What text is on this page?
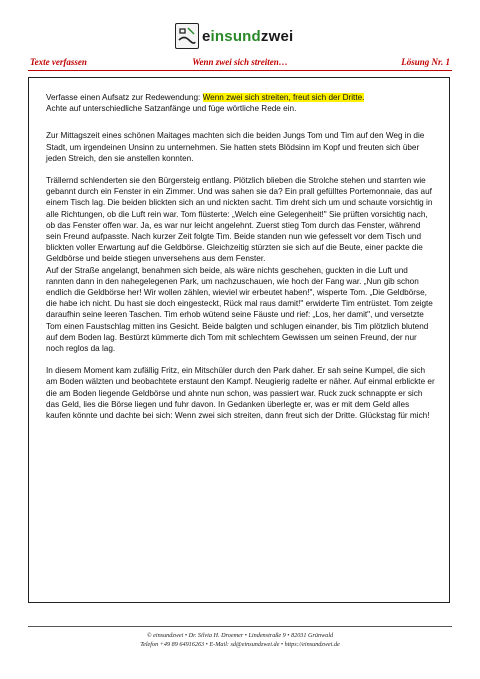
einsundzwei
Texte verfassen	Wenn zwei sich streiten…	Lösung Nr. 1

Verfasse einen Aufsatz zur Redewendung: Wenn zwei sich streiten, freut sich der Dritte.
Achte auf unterschiedliche Satzanfänge und füge wörtliche Rede ein.

Zur Mittagszeit eines schönen Maitages machten sich die beiden Jungs Tom und Tim auf den Weg in die Stadt, um irgendeinen Unsinn zu unternehmen. Sie hatten stets Blödsinn im Kopf und freuten sich über jeden Streich, den sie anstellen konnten.

Trällernd schlenderten sie den Bürgersteig entlang. Plötzlich blieben die Strolche stehen und starrten wie gebannt durch ein Fenster in ein Zimmer. Und was sahen sie da? Ein prall gefülltes Portemonnaie, das auf einem Tisch lag. Die beiden blickten sich an und nickten sacht. Tim dreht sich um und schaute vorsichtig in alle Richtungen, ob die Luft rein war. Tom flüsterte: „Welch eine Gelegenheit!" Sie prüften vorsichtig nach, ob das Fenster offen war. Ja, es war nur leicht angelehnt. Zuerst stieg Tom durch das Fenster, während sein Freund aufpasste. Nach kurzer Zeit folgte Tim. Beide standen nun wie gefesselt vor dem Tisch und blickten voller Erwartung auf die Geldbörse. Gleichzeitig stürzten sie sich auf die Beute, einer packte die Geldbörse und beide stiegen unversehens aus dem Fenster.

Auf der Straße angelangt, benahmen sich beide, als wäre nichts geschehen, guckten in die Luft und rannten dann in den nahegelegenen Park, um nachzuschauen, wie hoch der Fang war. „Nun gib schon endlich die Geldbörse her! Wir wollen zählen, wieviel wir erbeutet haben!", wisperte Tom. „Die Geldbörse, die habe ich nicht. Du hast sie doch eingesteckt, Rück mal raus damit!" erwiderte Tim entrüstet. Tom zeigte daraufhin seine leeren Taschen. Tim erhob wütend seine Fäuste und rief: „Los, her damit", und versetzte Tom einen Faustschlag mitten ins Gesicht. Beide balgten und schlugen einander, bis Tim plötzlich blutend auf dem Boden lag. Bestürzt kümmerte dich Tom mit schlechtem Gewissen um seinen Freund, der nur noch reglos da lag.

In diesem Moment kam zufällig Fritz, ein Mitschüler durch den Park daher. Er sah seine Kumpel, die sich am Boden wälzten und beobachtete erstaunt den Kampf. Neugierig radelte er näher. Auf einmal erblickte er die am Boden liegende Geldbörse und ahnte nun schon, was passiert war. Ruck zuck schnappte er sich das Geld, lies die Börse liegen und fuhr davon. In Gedanken überlegte er, was er mit dem Geld alles kaufen könnte und dachte bei sich: Wenn zwei sich streiten, dann freut sich der Dritte. Glückstag für mich!

© einsundzwei • Dr. Silvia H. Droemer • Lindenstraße 9 • 82031 Grünwald
Telefon +49 89 64916263 • E-Mail: sd@einsundzwei.de • https://einsundzwei.de
